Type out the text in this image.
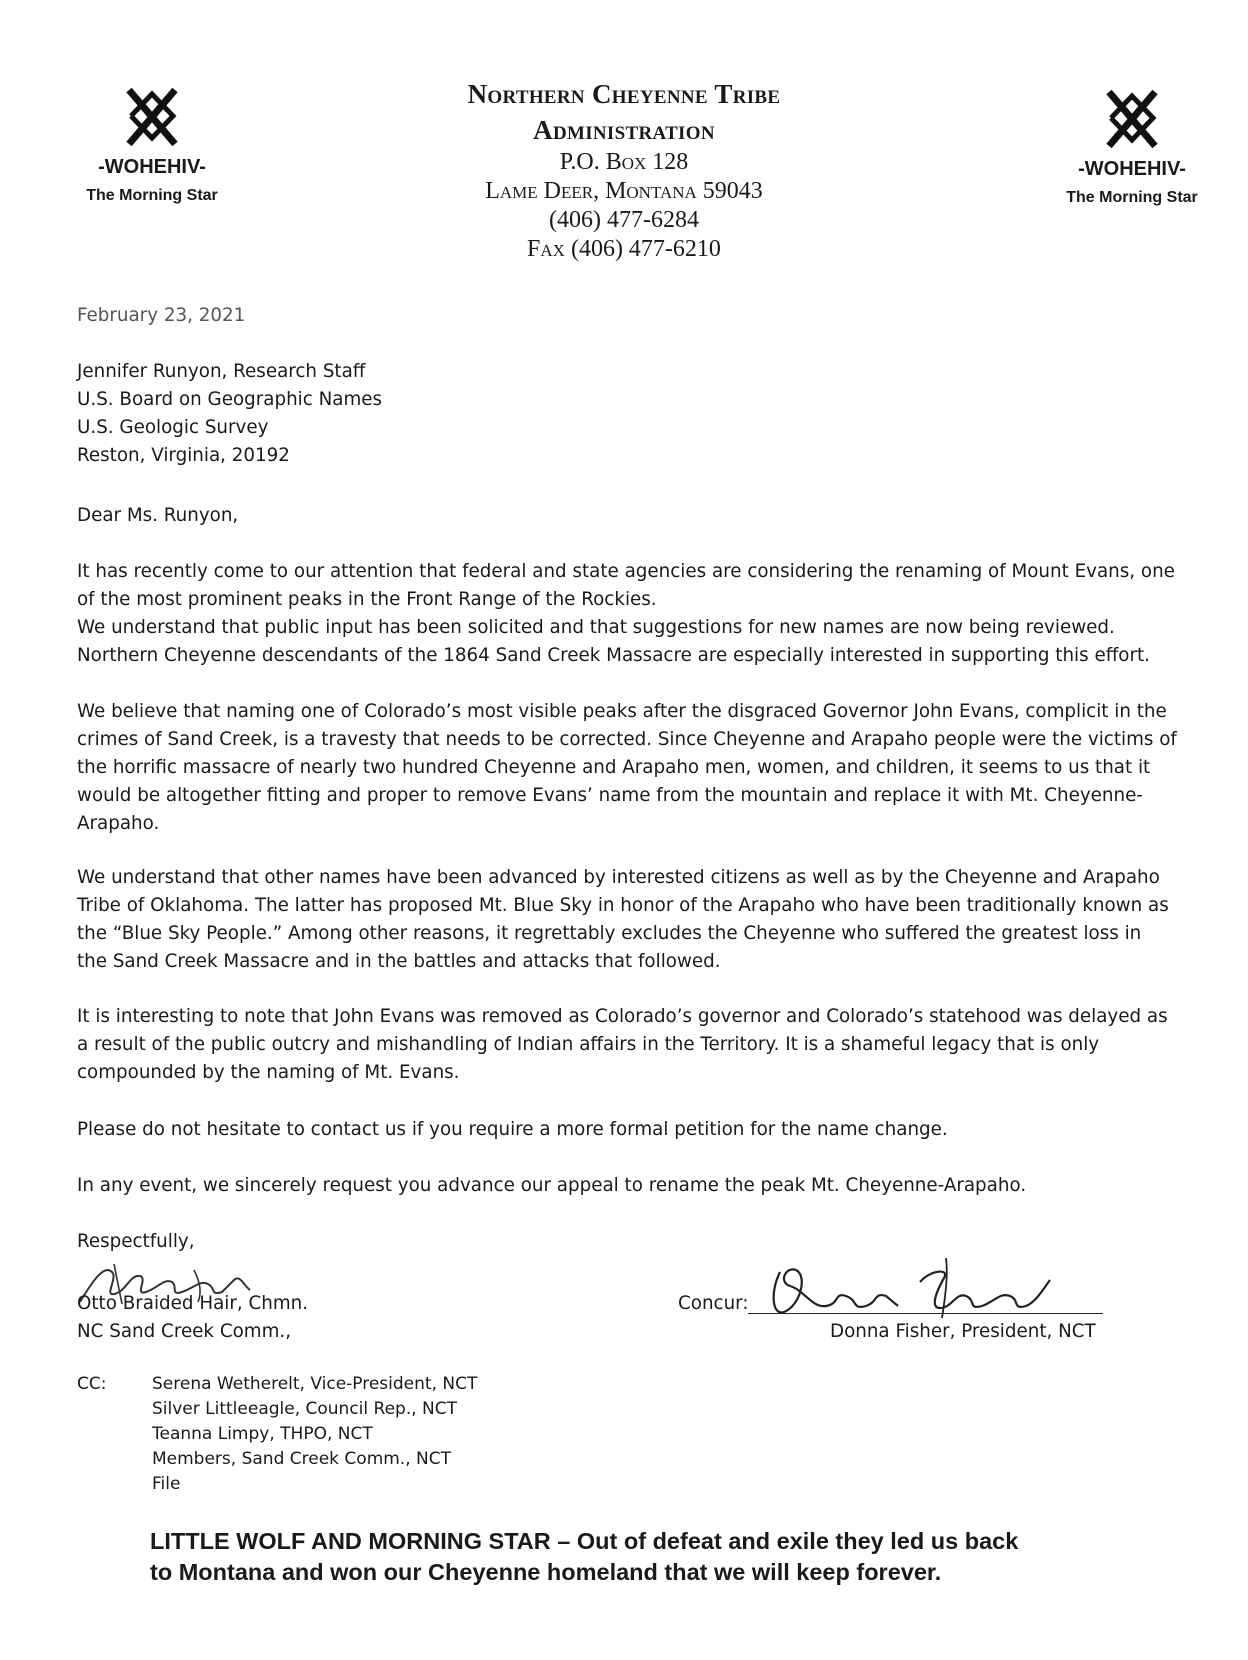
-WOHEHIV-
The Morning Star
-WOHEHIV-
The Morning Star
Northern Cheyenne Tribe
Administration
P.O. Box 128
Lame Deer, Montana 59043
(406) 477-6284
Fax (406) 477-6210
February 23, 2021
Jennifer Runyon, Research Staff
U.S. Board on Geographic Names
U.S. Geologic Survey
Reston, Virginia, 20192
Dear Ms. Runyon,

It has recently come to our attention that federal and state agencies are considering the renaming of Mount Evans, one of the most prominent peaks in the Front Range of the Rockies.

We understand that public input has been solicited and that suggestions for new names are now being reviewed.

Northern Cheyenne descendants of the 1864 Sand Creek Massacre are especially interested in supporting this effort.

We believe that naming one of Colorado’s most visible peaks after the disgraced Governor John Evans, complicit in the crimes of Sand Creek, is a travesty that needs to be corrected. Since Cheyenne and Arapaho people were the victims of the horrific massacre of nearly two hundred Cheyenne and Arapaho men, women, and children, it seems to us that it would be altogether fitting and proper to remove Evans’ name from the mountain and replace it with Mt. Cheyenne-Arapaho.

We understand that other names have been advanced by interested citizens as well as by the Cheyenne and Arapaho Tribe of Oklahoma. The latter has proposed Mt. Blue Sky in honor of the Arapaho who have been traditionally known as the “Blue Sky People.” Among other reasons, it regrettably excludes the Cheyenne who suffered the greatest loss in the Sand Creek Massacre and in the battles and attacks that followed.

It is interesting to note that John Evans was removed as Colorado’s governor and Colorado’s statehood was delayed as a result of the public outcry and mishandling of Indian affairs in the Territory. It is a shameful legacy that is only compounded by the naming of Mt. Evans.

Please do not hesitate to contact us if you require a more formal petition for the name change.

In any event, we sincerely request you advance our appeal to rename the peak Mt. Cheyenne-Arapaho.

Respectfully,
Otto Braided Hair, Chmn.
NC Sand Creek Comm.,
Concur:
Donna Fisher, President, NCT
CC:	Serena Wetherelt, Vice-President, NCT
Silver Littleeagle, Council Rep., NCT
Teanna Limpy, THPO, NCT
Members, Sand Creek Comm., NCT
File
LITTLE WOLF AND MORNING STAR – Out of defeat and exile they led us back
to Montana and won our Cheyenne homeland that we will keep forever.
